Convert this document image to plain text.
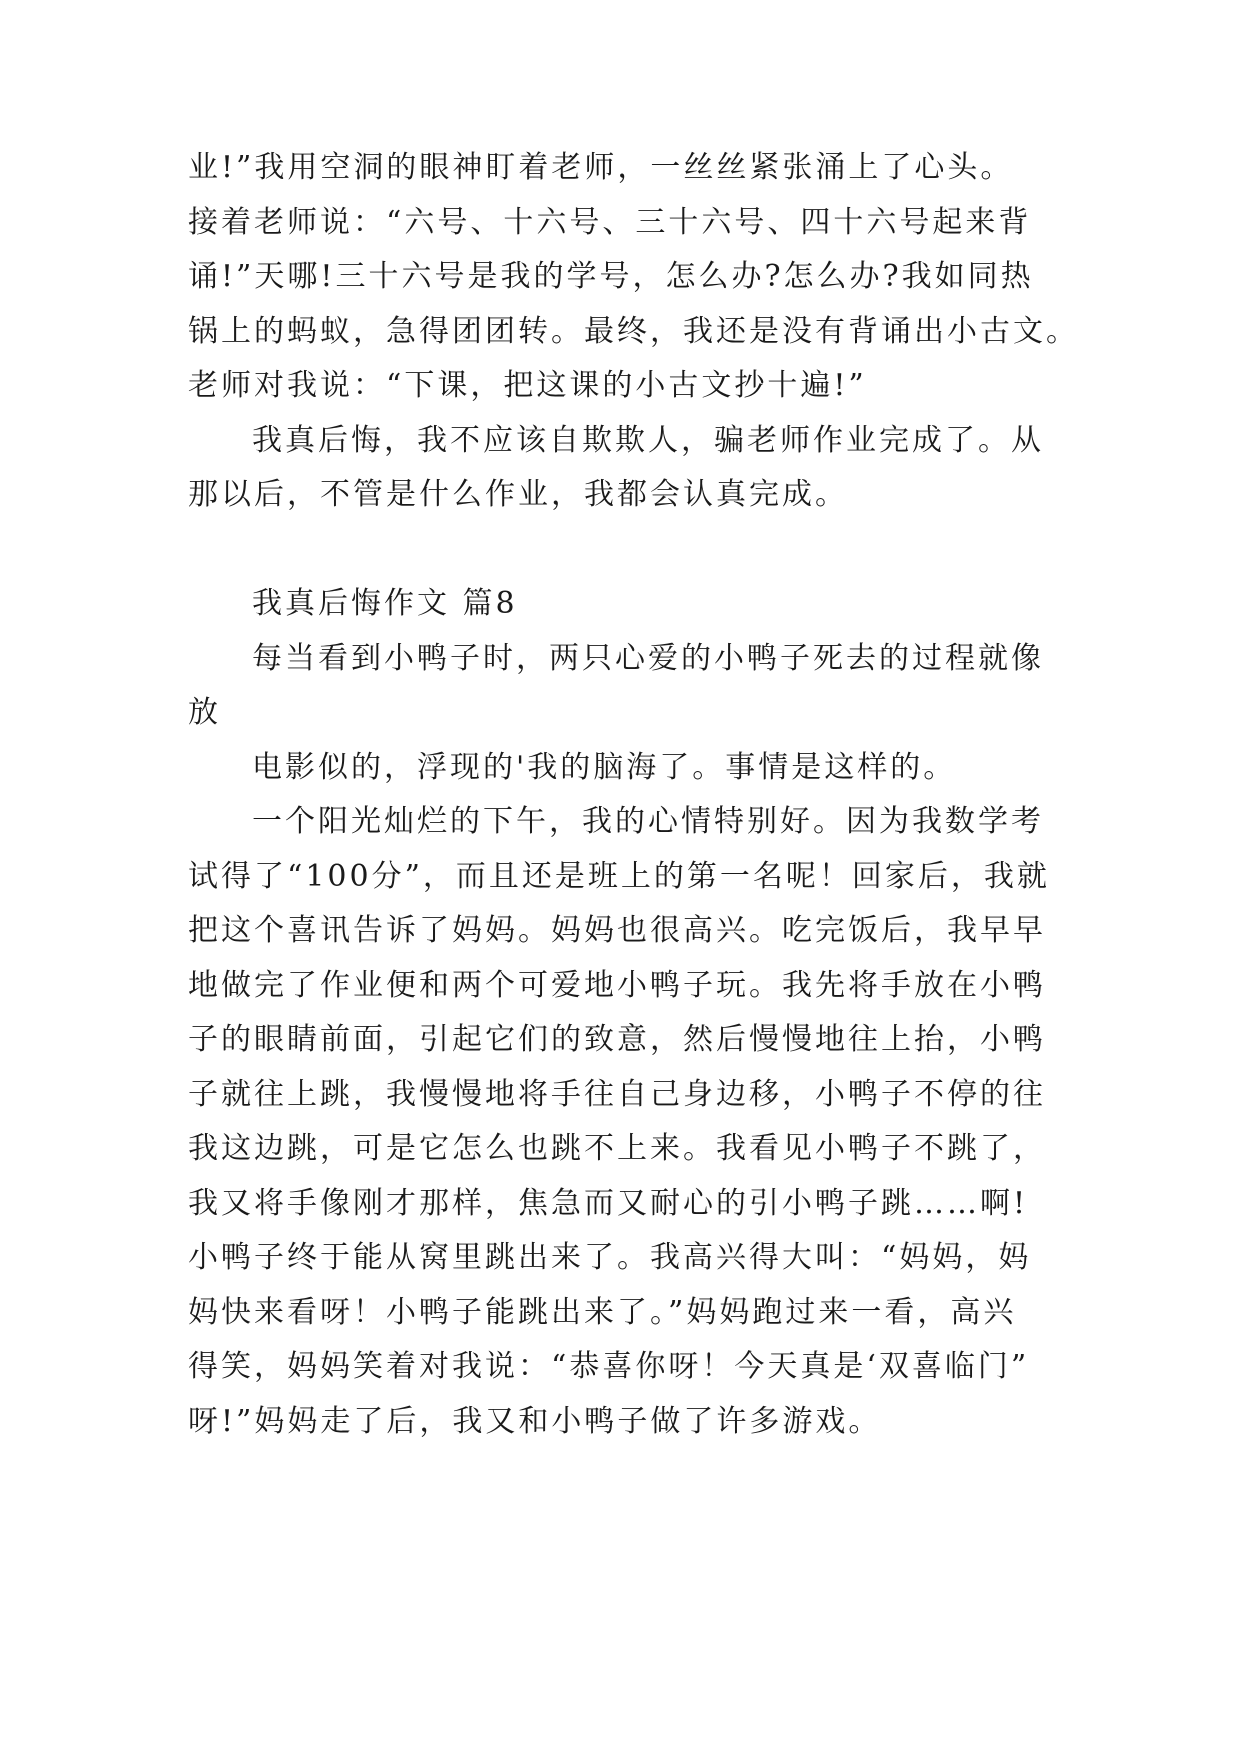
业!”我用空洞的眼神盯着老师，一丝丝紧张涌上了心头。
接着老师说：“六号、十六号、三十六号、四十六号起来背
诵!”天哪!三十六号是我的学号，怎么办?怎么办?我如同热
锅上的蚂蚁，急得团团转。最终，我还是没有背诵出小古文。
老师对我说：“下课，把这课的小古文抄十遍!”
我真后悔，我不应该自欺欺人，骗老师作业完成了。从
那以后，不管是什么作业，我都会认真完成。
我真后悔作文 篇8
每当看到小鸭子时，两只心爱的小鸭子死去的过程就像
放
电影似的，浮现的'我的脑海了。事情是这样的。
一个阳光灿烂的下午，我的心情特别好。因为我数学考
试得了“100分”，而且还是班上的第一名呢！回家后，我就
把这个喜讯告诉了妈妈。妈妈也很高兴。吃完饭后，我早早
地做完了作业便和两个可爱地小鸭子玩。我先将手放在小鸭
子的眼睛前面，引起它们的致意，然后慢慢地往上抬，小鸭
子就往上跳，我慢慢地将手往自己身边移，小鸭子不停的往
我这边跳，可是它怎么也跳不上来。我看见小鸭子不跳了，
我又将手像刚才那样，焦急而又耐心的引小鸭子跳……啊!
小鸭子终于能从窝里跳出来了。我高兴得大叫：“妈妈，妈
妈快来看呀！小鸭子能跳出来了。”妈妈跑过来一看，高兴
得笑，妈妈笑着对我说：“恭喜你呀！今天真是‘双喜临门”
呀!”妈妈走了后，我又和小鸭子做了许多游戏。
